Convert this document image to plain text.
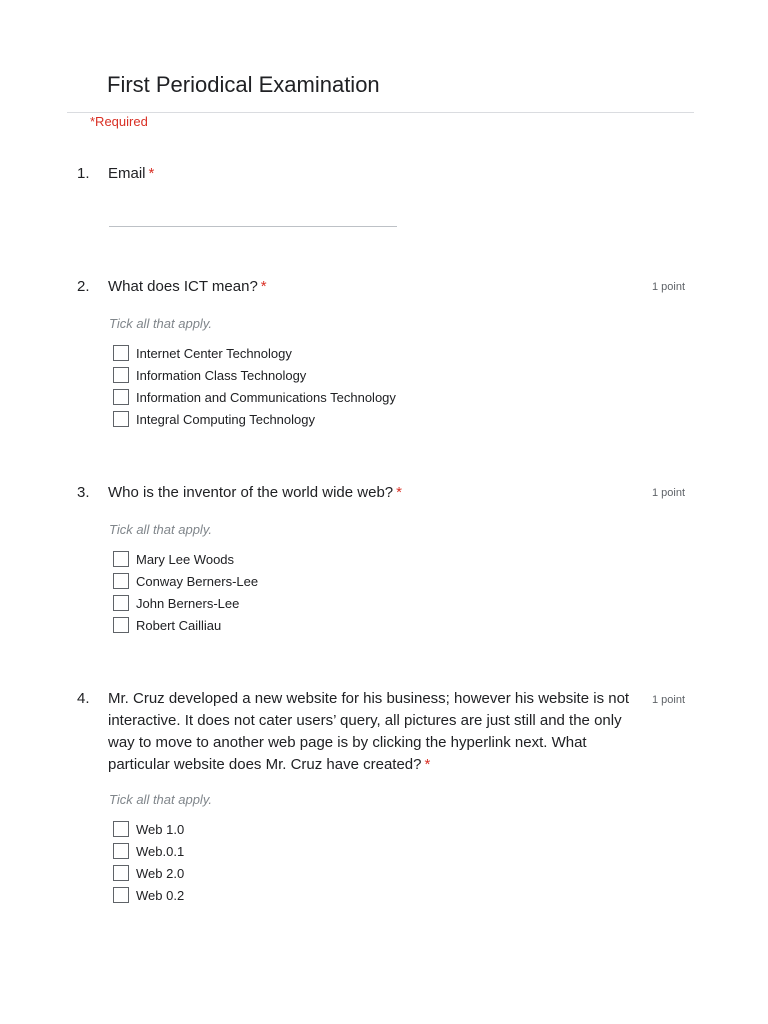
First Periodical Examination
*Required
1. Email *
2. What does ICT mean? *	1 point
Tick all that apply.
Internet Center Technology
Information Class Technology
Information and Communications Technology
Integral Computing Technology
3. Who is the inventor of the world wide web? *	1 point
Tick all that apply.
Mary Lee Woods
Conway Berners-Lee
John Berners-Lee
Robert Cailliau
4. Mr. Cruz developed a new website for his business; however his website is not interactive. It does not cater users’ query, all pictures are just still and the only way to move to another web page is by clicking the hyperlink next. What particular website does Mr. Cruz have created? *
1 point
Tick all that apply.
Web 1.0
Web.0.1
Web 2.0
Web 0.2
